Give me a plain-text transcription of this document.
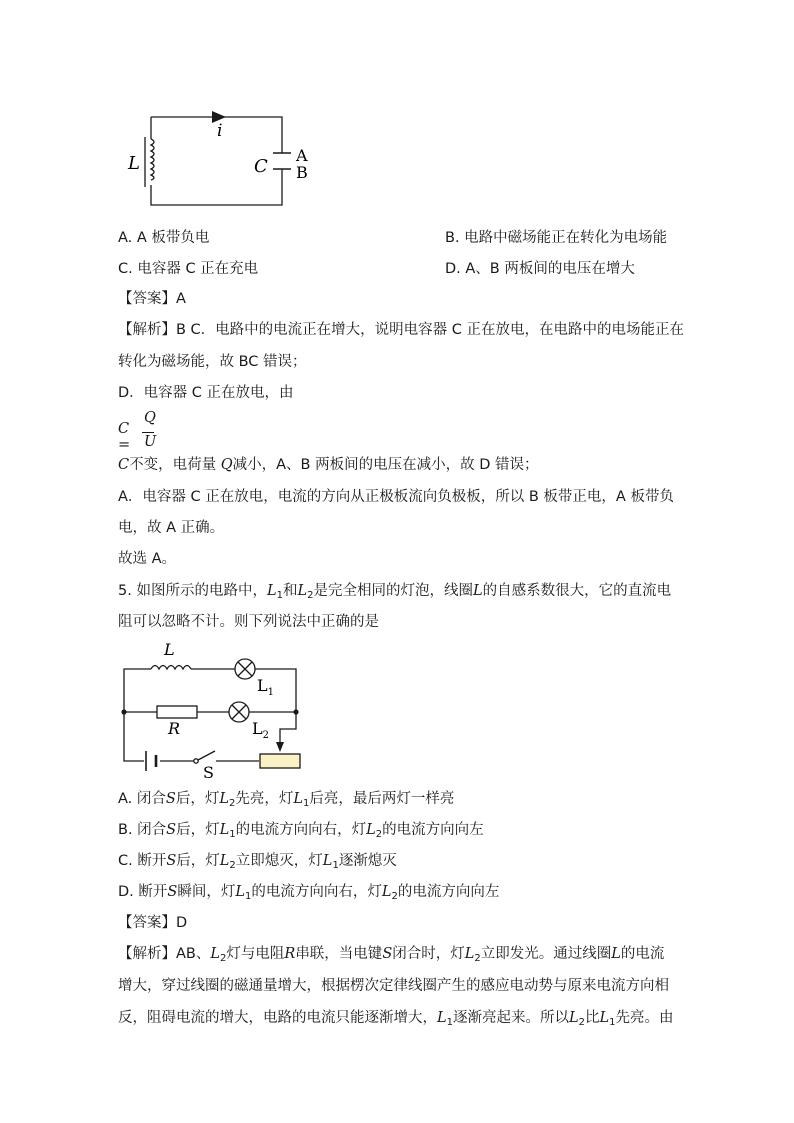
i
L	C
A
B
A. A 板带负电	B. 电路中磁场能正在转化为电场能
C. 电容器 C 正在充电	D. A、B 两板间的电压在增大
【答案】A
【解析】B C．电路中的电流正在增大，说明电容器 C 正在放电，在电路中的电场能正在
转化为磁场能，故 BC 错误；
D．电容器 C 正在放电，由
C =
Q
U
C不变，电荷量 Q减小，A、B 两板间的电压在减小，故 D 错误；
A．电容器 C 正在放电，电流的方向从正极板流向负极板，所以 B 板带正电，A 板带负
电，故 A 正确。
故选 A。
5. 如图所示的电路中，$L_1$和$L_2$是完全相同的灯泡，线圈L的自感系数很大，它的直流电
阻可以忽略不计。则下列说法中正确的是
L
$L_1$
R	$L_2$
S
A. 闭合S后，灯$L_2$先亮，灯$L_1$后亮，最后两灯一样亮
B. 闭合S后，灯$L_1$的电流方向向右，灯$L_2$的电流方向向左
C. 断开S后，灯$L_2$立即熄灭，灯$L_1$逐渐熄灭
D. 断开S瞬间，灯$L_1$的电流方向向右，灯$L_2$的电流方向向左
【答案】D
【解析】AB、$L_2$灯与电阻R串联，当电键S闭合时，灯$L_2$立即发光。通过线圈L的电流
增大，穿过线圈的磁通量增大，根据楞次定律线圈产生的感应电动势与原来电流方向相
反，阻碍电流的增大，电路的电流只能逐渐增大，$L_1$逐渐亮起来。所以$L_2$比$L_1$先亮。由
